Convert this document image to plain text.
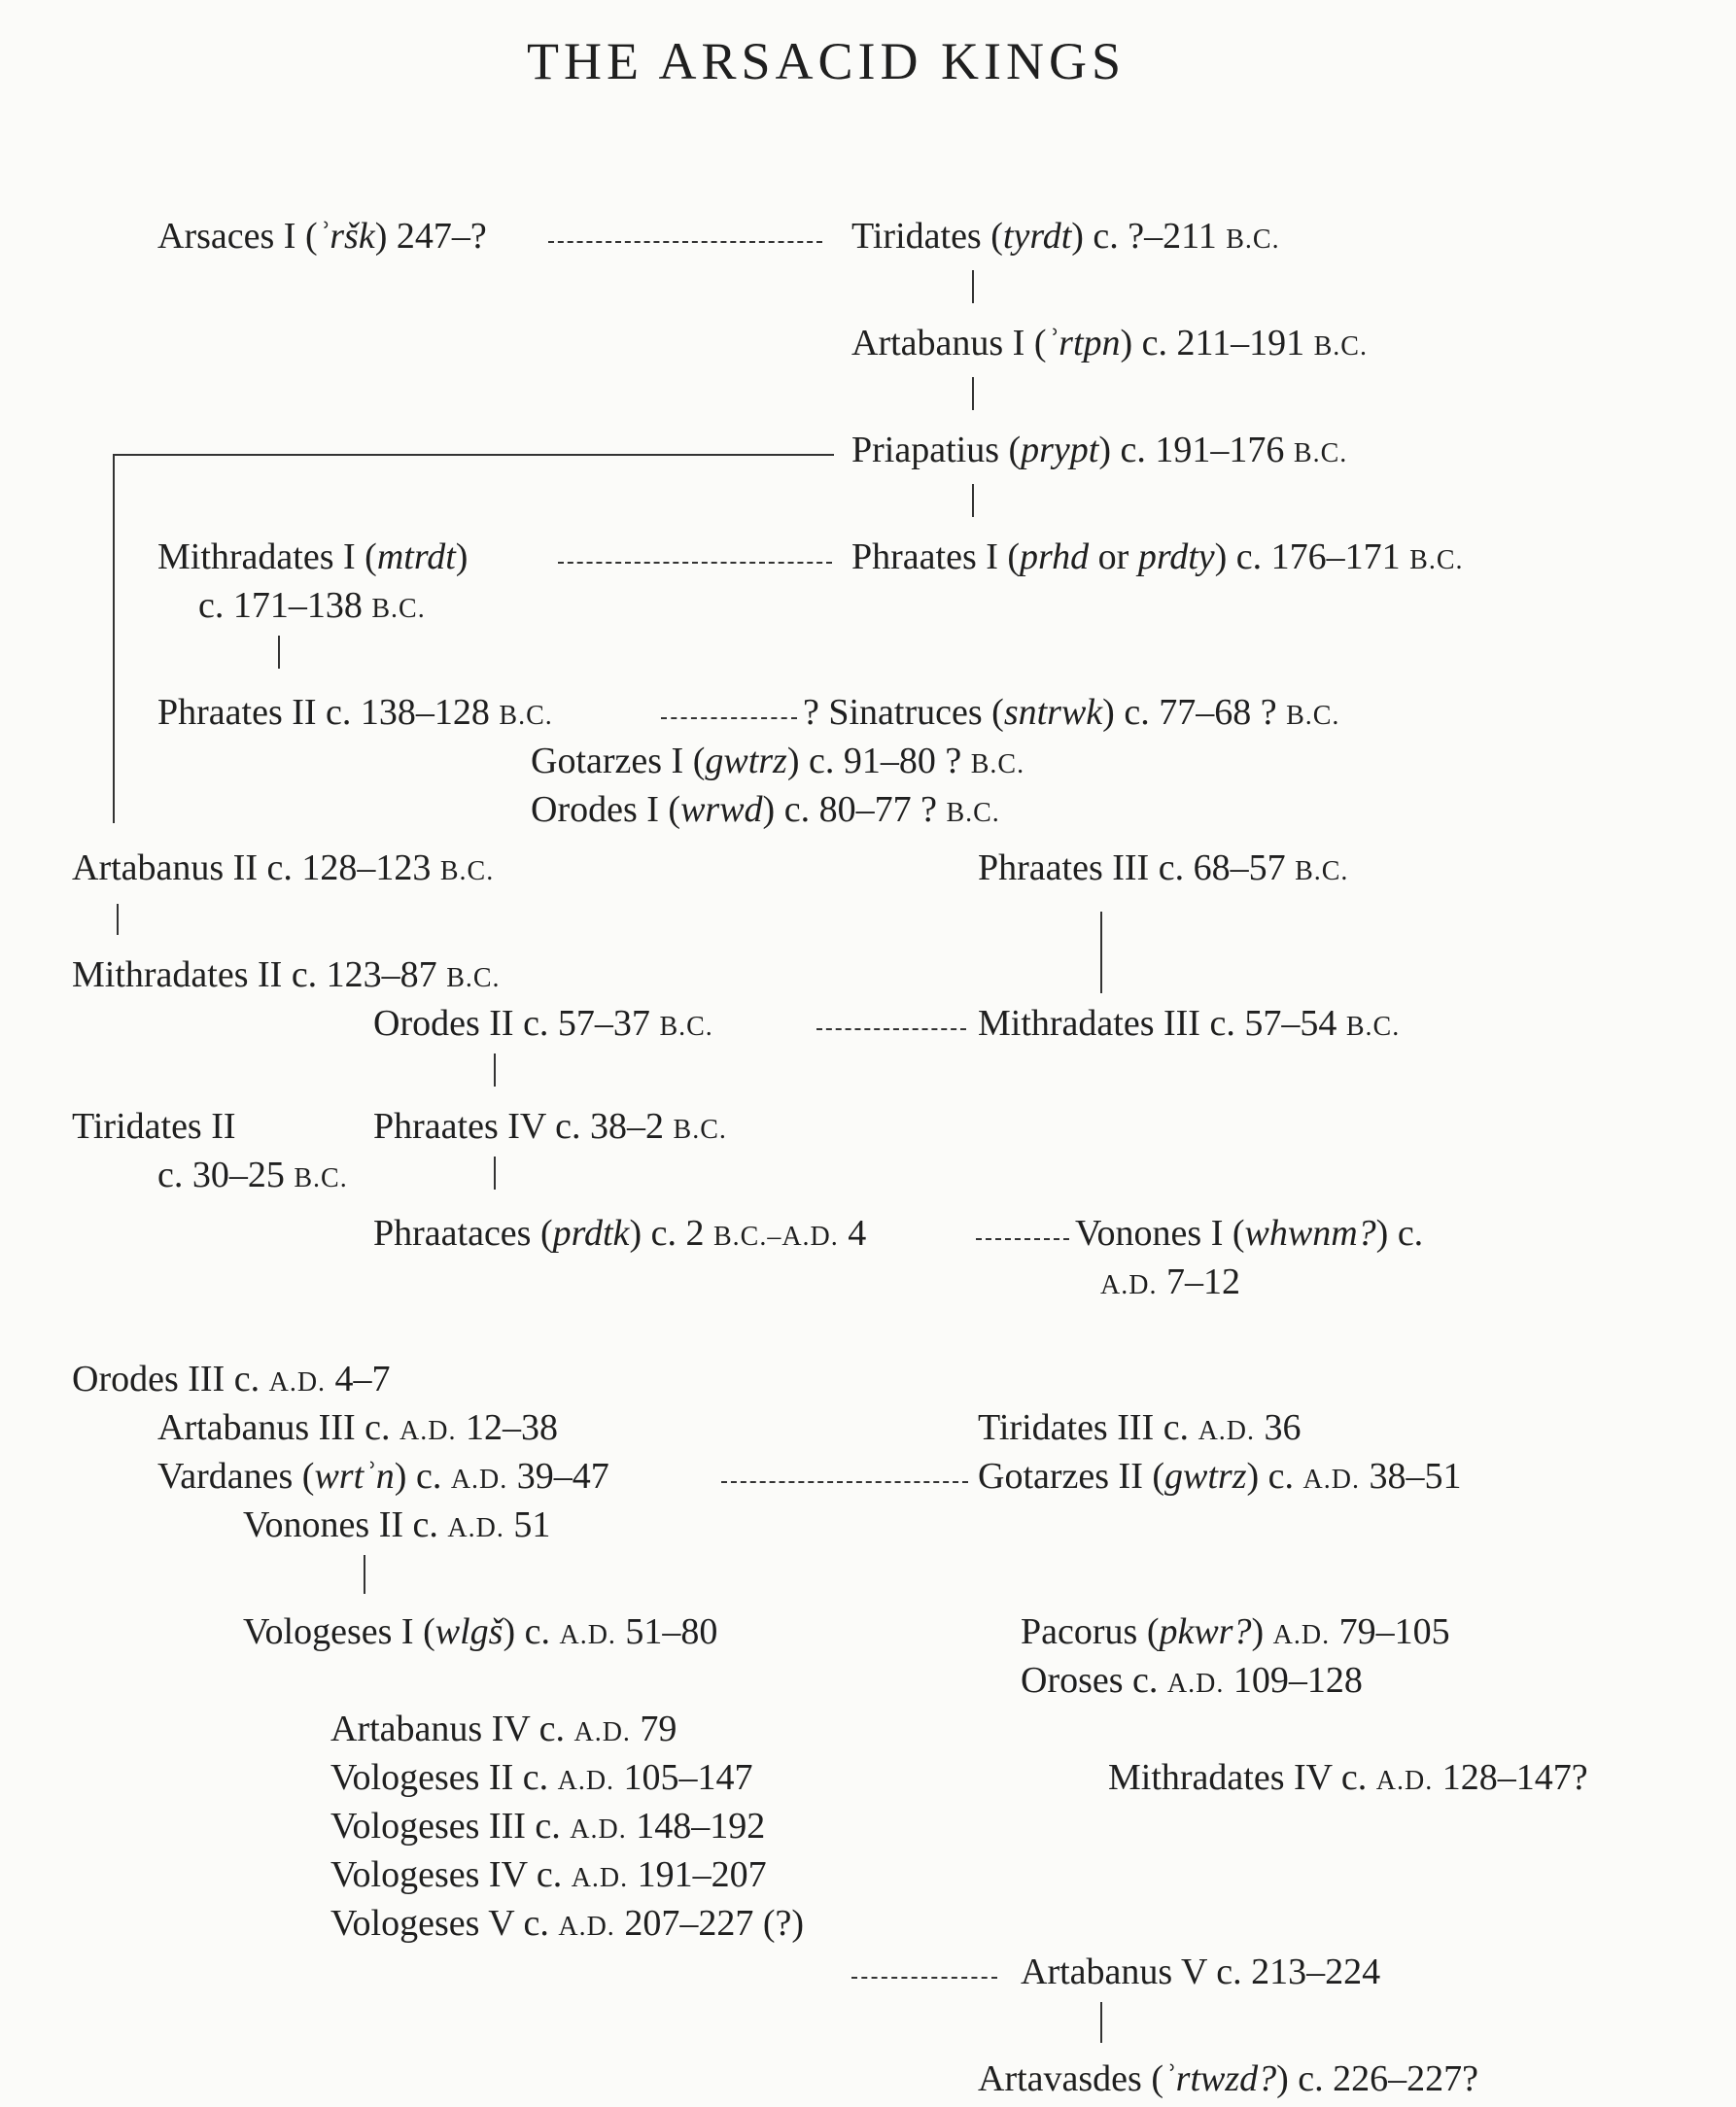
THE ARSACID KINGS
Arsaces I (ʾršk) 247–?	Tiridates (tyrdt) c. ?–211 B.C.
Artabanus I (ʾrtpn) c. 211–191 B.C.
Priapatius (prypt) c. 191–176 B.C.
Mithradates I (mtrdt)
c. 171–138 B.C.
Phraates I (prhd or prdty) c. 176–171 B.C.
Phraates II c. 138–128 B.C.	? Sinatruces (sntrwk) c. 77–68 ? B.C.
Gotarzes I (gwtrz) c. 91–80 ? B.C.
Orodes I (wrwd) c. 80–77 ? B.C.
Artabanus II c. 128–123 B.C.	Phraates III c. 68–57 B.C.
Mithradates II c. 123–87 B.C.
Orodes II c. 57–37 B.C.	Mithradates III c. 57–54 B.C.
Tiridates II
c. 30–25 B.C.
Phraates IV c. 38–2 B.C.
Phraataces (prdtk) c. 2 B.C.–A.D. 4	Vonones I (whwnm?) c.
A.D. 7–12
Orodes III c. A.D. 4–7
Artabanus III c. A.D. 12–38	Tiridates III c. A.D. 36
Vardanes (wrtʾn) c. A.D. 39–47	Gotarzes II (gwtrz) c. A.D. 38–51
Vonones II c. A.D. 51
Vologeses I (wlgš) c. A.D. 51–80	Pacorus (pkwr?) A.D. 79–105
Oroses c. A.D. 109–128
Artabanus IV c. A.D. 79
Vologeses II c. A.D. 105–147	Mithradates IV c. A.D. 128–147?
Vologeses III c. A.D. 148–192
Vologeses IV c. A.D. 191–207
Vologeses V c. A.D. 207–227 (?)
Artabanus V c. 213–224
Artavasdes (ʾrtwzd?) c. 226–227?
